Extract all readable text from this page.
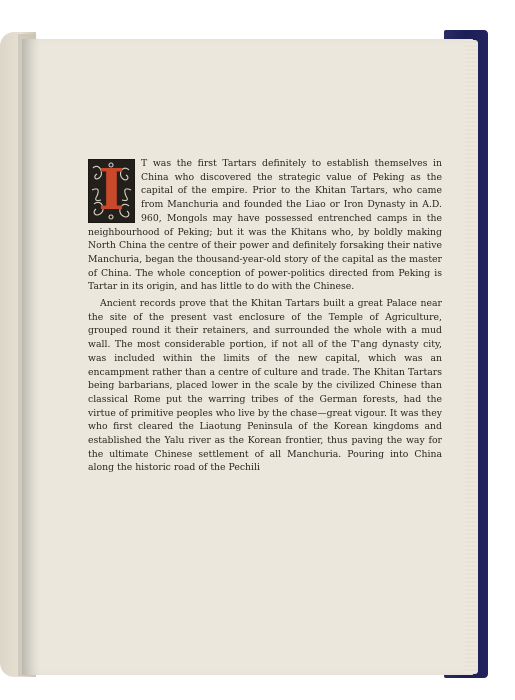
I	T was the first Tartars definitely to establish themselves in China who discovered the strategic value of Peking as the capital of the empire. Prior to the Khitan Tartars, who came from Manchuria and founded the Liao or Iron Dynasty in A.D. 960, Mongols may have possessed entrenched camps in the neighbourhood of Peking; but it was the Khitans who, by boldly making North China the centre of their power and definitely forsaking their native Manchuria, began the thousand-year-old story of the capital as the master of China. The whole conception of power-politics directed from Peking is Tartar in its origin, and has little to do with the Chinese.

Ancient records prove that the Khitan Tartars built a great Palace near the site of the present vast enclosure of the Temple of Agriculture, grouped round it their retainers, and surrounded the whole with a mud wall. The most considerable portion, if not all of the T'ang dynasty city, was included within the limits of the new capital, which was an encampment rather than a centre of culture and trade. The Khitan Tartars being barbarians, placed lower in the scale by the civilized Chinese than classical Rome put the warring tribes of the German forests, had the virtue of primitive peoples who live by the chase—great vigour. It was they who first cleared the Liaotung Peninsula of the Korean kingdoms and established the Yalu river as the Korean frontier, thus paving the way for the ultimate Chinese settlement of all Manchuria. Pouring into China along the historic road of the Pechili
